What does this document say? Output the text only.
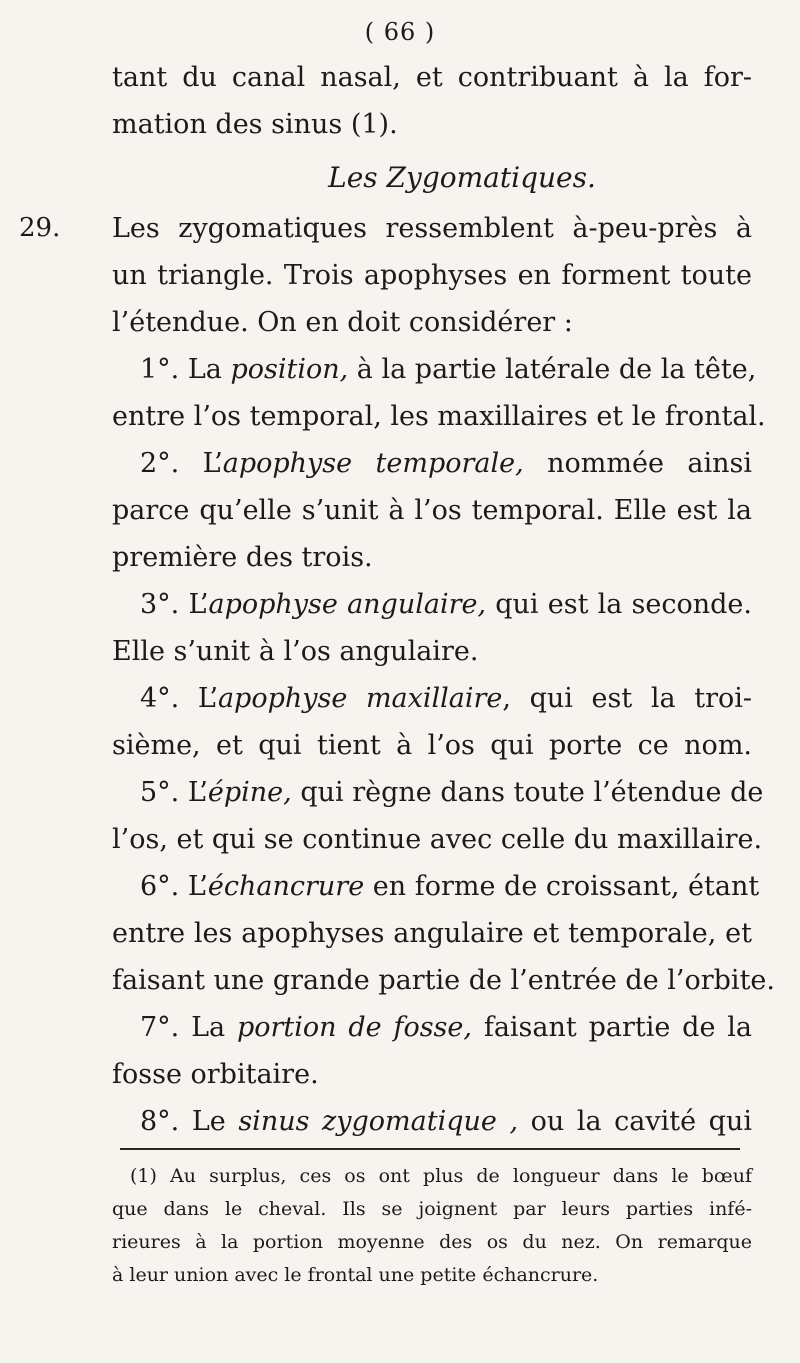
( 66 )
tant du canal nasal, et contribuant à la for-
mation des sinus (1).
Les Zygomatiques.
29. Les zygomatiques ressemblent à-peu-près à
un triangle. Trois apophyses en forment toute
l’étendue. On en doit considérer :
1°. La position, à la partie latérale de la tête,
entre l’os temporal, les maxillaires et le frontal.
2°. L’apophyse temporale, nommée ainsi
parce qu’elle s’unit à l’os temporal. Elle est la
première des trois.
3°. L’apophyse angulaire, qui est la seconde.
Elle s’unit à l’os angulaire.
4°. L’apophyse maxillaire, qui est la troi-
sième, et qui tient à l’os qui porte ce nom.
5°. L’épine, qui règne dans toute l’étendue de
l’os, et qui se continue avec celle du maxillaire.
6°. L’échancrure en forme de croissant, étant
entre les apophyses angulaire et temporale, et
faisant une grande partie de l’entrée de l’orbite.
7°. La portion de fosse, faisant partie de la
fosse orbitaire.
8°. Le sinus zygomatique , ou la cavité qui
(1) Au surplus, ces os ont plus de longueur dans le bœuf
que dans le cheval. Ils se joignent par leurs parties infé-
rieures à la portion moyenne des os du nez. On remarque
à leur union avec le frontal une petite échancrure.
